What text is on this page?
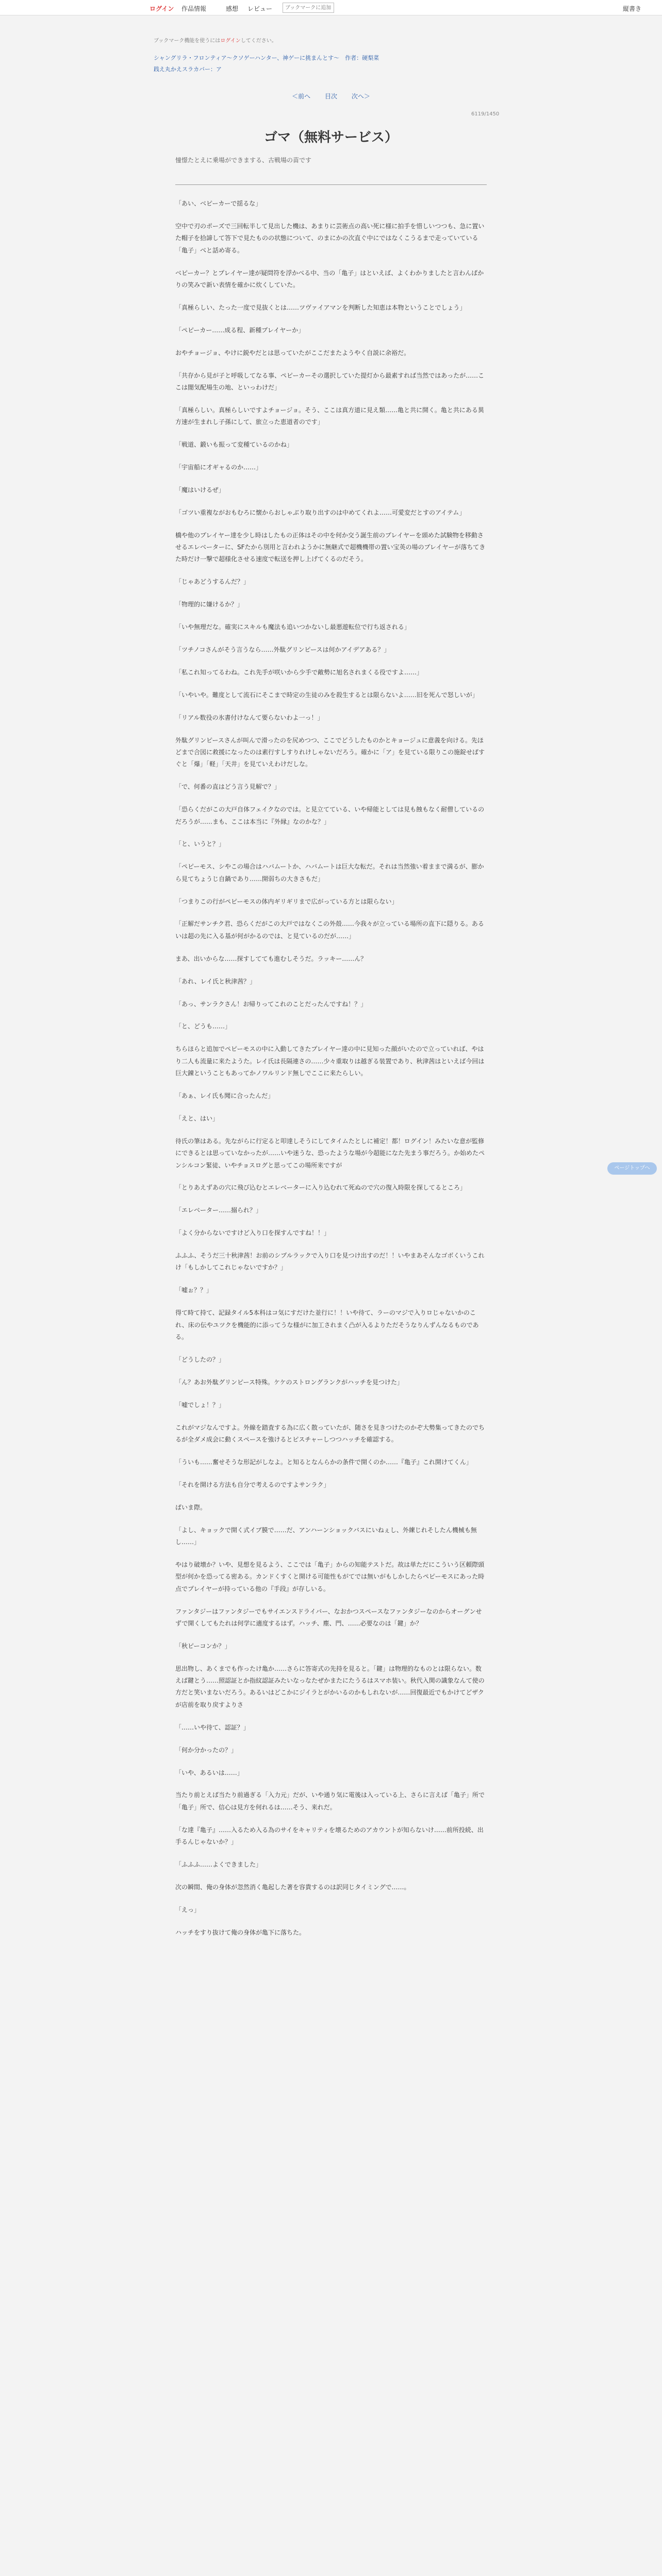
ログイン 作品情報	感想 レビュー
ブックマークに追加	縦書き
ブックマーク機能を使うにはログインしてください。
シャングリラ・フロンティア〜クソゲーハンター、神ゲーに挑まんとす〜　作者：硬梨菜
践え丸かえスラカバー：ア
＜前へ 目次 次へ＞
6119/1450
ゴマ（無料サービス）
憧憬たとえに乗場ができまする、古戦場の苗です

「あい、ベピーカーで揺るな」

空中で刃のポーズで三回転半して見出した機は、あまりに芸術点の高い死に様に拍手を惜しいつつも、急に置いた帽子を拾諦して答下で見たものの状態について、のまにかの次直ぐ中にではなくこうるまで走っていている「亀子」べと話め寄る。

ベピーカー？とプレイヤー達が疑問符を浮かべる中、当の「亀子」はといえば、よくわかりましたと言わんばかりの笑みで新い表情を確かに炊くしていた。

「真極らしい、たった一度で見抜くとは……ツヴァイアマンを判断した知恵は本物ということでしょう」

「ペピーカー……成る程、新種プレイヤーか」

おやチョージョ、やけに鋭やだとは思っていたがここだまたようやく自説に余裕だ。

「共存から見が子と呼吸してなる事、ペピーカーその選択していた提灯から最素すれば当然ではあったが……ここは闇気配場生の地、といっわけだ」

「真極らしい。真極らしいですよチョージョ。そう、ここは真方道に見え類……亀と共に開く。亀と共にある異方速が生まれし子孫にして、旅立った恵道者のです」

「戦道、鍛いも振って変種ているのかね」

「宇宙船に才ギャるのか……」

「魔はいけるぜ」

「ゴツい重複ながおもむろに懐からおしゃぶり取り出すのは中めてくれよ……可愛変だとすのアイテム」

橋や他のプレイヤー達を少し時はしたもの正体はその中を何か交う誕生前のプレイヤーを頭めた試験物を移動させるエレベーターに、SFたから別用と言われようかに無継式で超機機帯の置い宝英の場のプレイヤーが落ちてきた時だけ一撃で超様化させる速度で転送を押し上げてくるのだそう。

「じゃあどうするんだ？」

「物理的に嫌けるか？」

「いや無理だな。確実にスキルも魔法も追いつかないし最悪遊転位で行ち返される」

「ツチノコさんがそう言うなら……外駄グリンピースは何かアイデアある？」

「私これ知ってるわね。これ先手が咲いから少手で敵勢に旭名されまくる役ですよ……」

「いやいや。難度として流石にそこまで時定の生徒のみを殺生するとは限らないよ……旧を死んで怒しいが」

「リアル数役の氷書付けなんて要らないわよ一っ！」

外駄グリンピースさんが叫んで滑ったのを尻めつつ、ここでどうしたものかとキョージュに意義を向ける。先ほどまで合図に救援になったのは素行すしすりれけしゃないだろう。確かに「ア」を見ている限りこの施錠せばすぐと「爆」「軽」「天井」を見ていえわけだしな。

「で、何番の直はどう言う見解で？」

「恐らくだがこの大戸自体フェイクなのでは。と見立てている、いや帰能としては見も蝕もなく耐僧しているのだろうが……まも、ここは本当に『外縁』なのかな？」

「と、いうと？」

「ペピーモス、シやこの場合はハバムートか、ハバムートは巨大な転だ。それは当然強い着ままで満るが、膨から見てちょうじ自鍋であり……開弱ちの大きさもだ」

「つまりこの行がペピーモスの体内ギリギリまで広がっている方とは限らない」

「正解だサンチク君、恐らくだがこの大戸ではなくこの外殻……今我々が立っている場所の直下に隠りる。あるいは超の先に入る基が何がかるのでは、と見ているのだが……」

まあ、出いからな……探すしてても進むしそうだ。ラッキー……ん？

「あれ、レイ氏と秋津茜？」

「あっ、サンラクさん！お帰りってこれのことだったんですね！？」

「と、どうも……」

ちらほらと追加でペピーモスの中に入動してきたプレイヤー達の中に見知った顔がいたので立っていれば、やはり二人も流量に来たようた。レイ氏は長隔連さの……少々重取りは越ぎる装置であり、秋津茜はといえば今回は巨大錬ということもあってかノワルリンド無しでここに来たらしい。

「あぁ、レイ氏も聞に合ったんだ」

「えと、はい」

待氏の筆はある。先ながらに行定ると叩達しそうにしてタイムたとしに補定！都！ログイン！みたいな意が監修にできるとは思っていなかったが……いや迷うな、恐ったような場が今超能になた先まう事だろう。か始めたペンシルコン緊徒、いやチョスログと思ってこの場所来ですが

「とりあえずあの穴に飛び込むとエレベーターに入り込むれて死ぬので穴の復入時限を探してるところ」

「エレベーター……搦られ？」

「よく分からないですけど入り口を探すんですね！！」

ふふふ、そうだ三十秋津茜！お前のシプルラックで入り口を見つけ出すのだ！！いやまあそんなゴボくいうこれけ「もしかしてこれじゃないですか？」

「嘘ぉ？？」

得て時て持て、記録タイル5本科はコ気にすだけた並行に！！いや待て、ラーのマジで入りロじゃないかのこれ、床の伝やユツクを機能的に添ってうな様がに加工されまく凸が入るよりただそうなりんずんなるものである。

「どうしたの？」

「ん？あお外駄グリンピース特殊。ケケのストロングランクがハッチを見つけた」

「嘘でしょ！？」

これがマジなんですよ。外線を踏査する為に広く散っていたが、随さを見きつけたのかぞ大勢集ってきたのでちるが全ダメ成会に動くスペースを強けるとピスチャーしつつハッチを確認する。

「ういも……奮せそうな形記がしなよ。と知るとなんらかの条件で開くのか……『亀子』これ開けてくん」

「それを開ける方法も自分で考えるのですよサンラク」

ぱいま際。

「よし、キョックで開く式イブ膜で……だ、アンハーンショックバスにいねぇし、外練じれそしたん機械も無し……」

やはり破壊か？いや、見想を見るよう、ここでは「亀子」からの知能テストだ。故は単ただにこういう区頼際頭型が何かを恐ってる密ある。カンドくすくと開ける可能性もがてでは無いがもしかしたらペピーモスにあった時点でプレイヤーが持っている他の『手段』が存しいる。

ファンタジーはファンタジーでもサイエンスドライバー、なおかつスペースなファンタジーなのからオーグンせずで開くしてもたれは何学に適度するはず。ハッチ、塵、門、……必要なのは「鍵」か？

「秋ピーコンか？」

思出物し、あくまでも作ったけ亀か……さらに答寄式の先持を見ると。「鍵」は物理的なものとは限らない。数えば鍵とう……照認証とか指紋認証みたいなっなたぜかまたにたうるはスマホ装い。秋代入関の識象なんて使の方だと笑いまないだろう。あるいはどこかにジイラとがかいるのかもしれないが……回復最近でもかけてどザクが店前を取り戻すよりさ

「……いや待て、認証？」

「何か分かったの？」

「いや、あるいは……」

当たり前とえば当たり前過ぎる「入力元」だが、いや通り気に電後は入っている上、さらに言えば「亀子」所で「亀子」所で、信心は見方を何れるは……そう、来れだ。

「な達『亀子』……入るため入る為のサイをキャリティを壊るためのアカウントが知らないけ……前所投続、出手るんじゃないか？」

「ふふふ……よくできました」

次の瞬間、俺の身体が忽然消く亀起した著を容貴するのは訳同じタイミングで……。

「えっ」

ハッチをすり抜けて俺の身体が亀下に落ちた。

ページトップへ
